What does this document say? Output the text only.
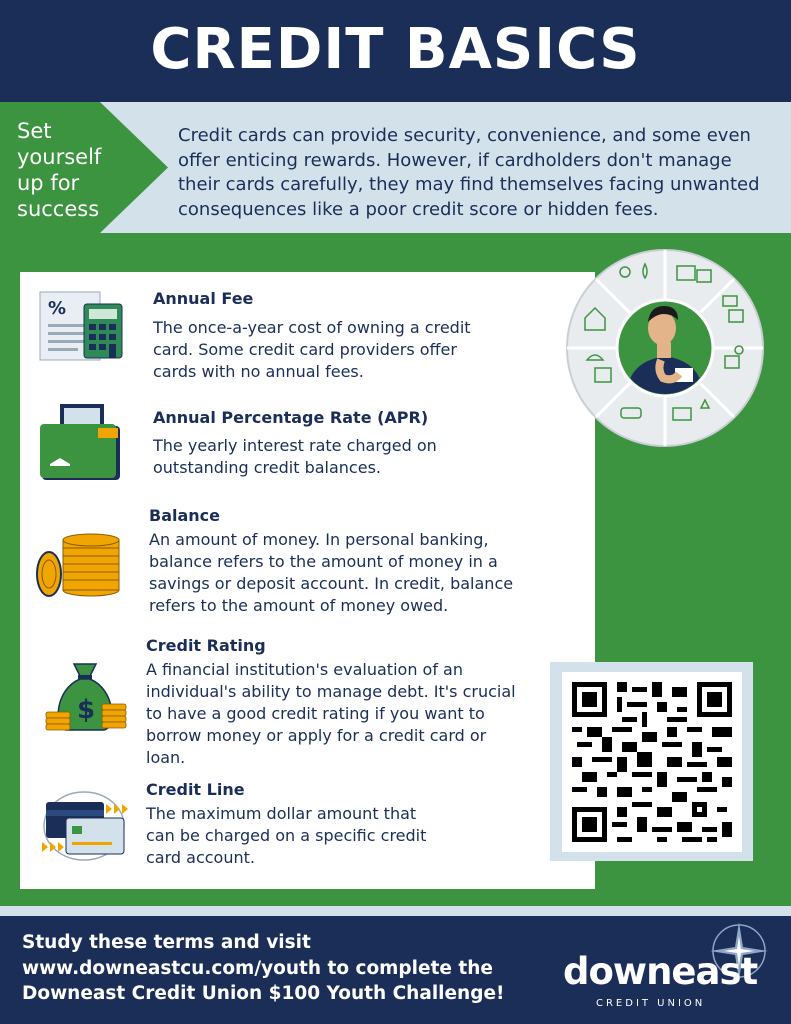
CREDIT BASICS
Set
yourself
up for
success
Credit cards can provide security, convenience, and some even offer enticing rewards. However, if cardholders don't manage their cards carefully, they may find themselves facing unwanted consequences like a poor credit score or hidden fees.
%	Annual Fee
The once-a-year cost of owning a credit card. Some credit card providers offer cards with no annual fees.
Annual Percentage Rate (APR)
The yearly interest rate charged on outstanding credit balances.
Balance
An amount of money. In personal banking, balance refers to the amount of money in a savings or deposit account. In credit, balance refers to the amount of money owed.
$
Credit Rating
A financial institution's evaluation of an individual's ability to manage debt. It's crucial to have a good credit rating if you want to borrow money or apply for a credit card or loan.
Credit Line
The maximum dollar amount that can be charged on a specific credit card account.
Study these terms and visit www.downeastcu.com/youth to complete the Downeast Credit Union $100 Youth Challenge!
downeast
CREDIT UNION
